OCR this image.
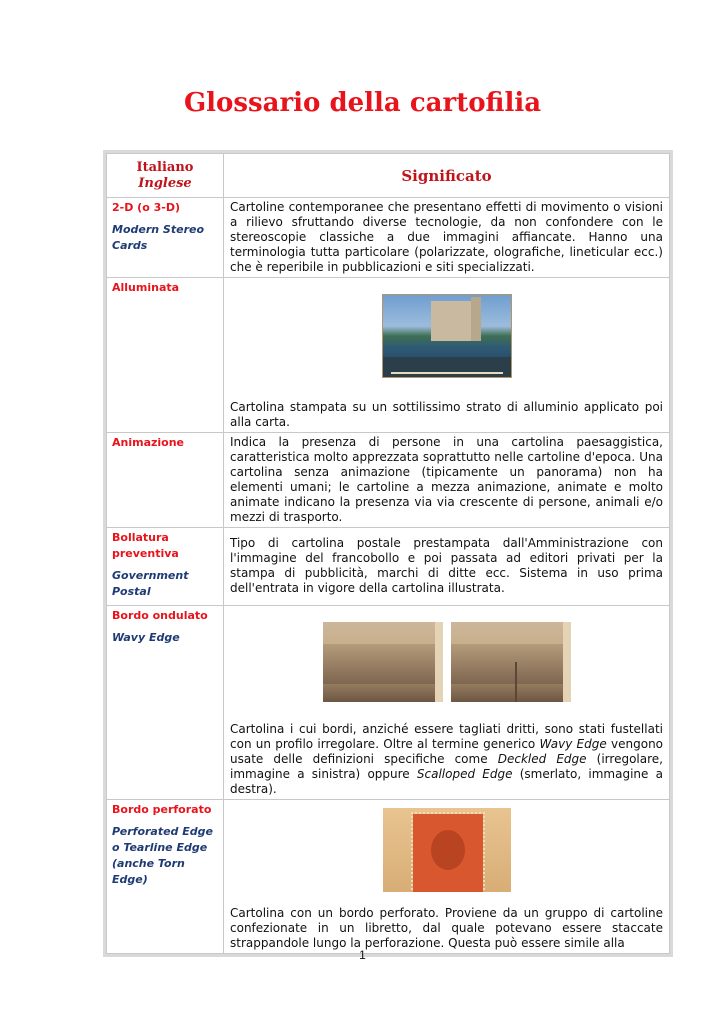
Glossario della cartofilia
Italiano
Inglese	Significato

2-D (o 3-D)
Modern Stereo Cards	Cartoline contemporanee che presentano effetti di movimento o visioni a rilievo sfruttando diverse tecnologie, da non confondere con le stereoscopie classiche a due immagini affiancate. Hanno una terminologia tutta particolare (polarizzate, olografiche, lineticular ecc.) che è reperibile in pubblicazioni e siti specializzati.

Alluminata	Cartolina stampata su un sottilissimo strato di alluminio applicato poi alla carta.

Animazione	Indica la presenza di persone in una cartolina paesaggistica, caratteristica molto apprezzata soprattutto nelle cartoline d'epoca. Una cartolina senza animazione (tipicamente un panorama) non ha elementi umani; le cartoline a mezza animazione, animate e molto animate indicano la presenza via via crescente di persone, animali e/o mezzi di trasporto.

Bollatura preventiva
Government Postal	Tipo di cartolina postale prestampata dall'Amministrazione con l'immagine del francobollo e poi passata ad editori privati per la stampa di pubblicità, marchi di ditte ecc. Sistema in uso prima dell'entrata in vigore della cartolina illustrata.

Bordo ondulato
Wavy Edge	Cartolina i cui bordi, anziché essere tagliati dritti, sono stati fustellati con un profilo irregolare. Oltre al termine generico Wavy Edge vengono usate delle definizioni specifiche come Deckled Edge (irregolare, immagine a sinistra) oppure Scalloped Edge (smerlato, immagine a destra).

Bordo perforato
Perforated Edge o Tearline Edge (anche Torn Edge)	Cartolina con un bordo perforato. Proviene da un gruppo di cartoline confezionate in un libretto, dal quale potevano essere staccate strappandole lungo la perforazione. Questa può essere simile alla
1
